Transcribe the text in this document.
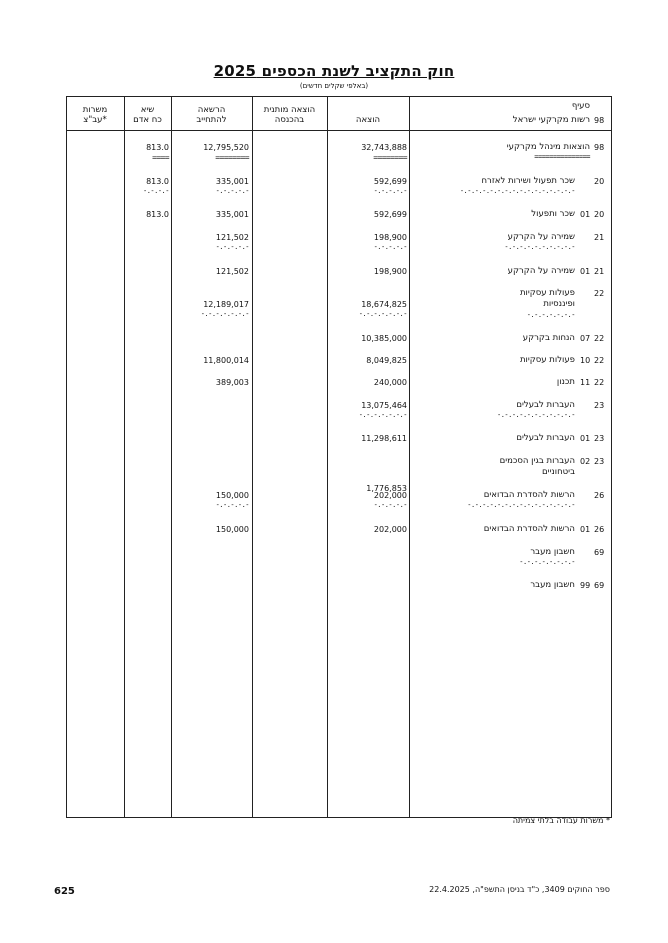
חוק התקציב לשנת הכספים 2025
(באלפי שקלים חדשים)
משרות
עב"צ*
שיא
כח אדם
הרשאה
להתחייב
הוצאה מותנית
בהכנסה	הוצאה
סעיף
רשות מקרקעי ישראל 98
98
הוצאות מינהל מקרקעי
===============
32,743,888
12,795,520
813.0
========
========
====
20
שכר תפעול ושירות לאזרח
-.-.-.-.-.-.-.-.-.-.-.-.-.-.-.-
592,699
335,001
813.0
-.-.-.-.-
-.-.-.-.-
-.-.-.-
20
01
שכר ותפעול
592,699
335,001
813.0
21
שמירה על הקרקע
-.-.-.-.-.-.-.-.-.-
198,900
121,502
-.-.-.-.-
-.-.-.-.-
21
01
שמירה על הקרקע
198,900
121,502
22
פעולות עסקיות
ופיננסיות
-.-.-.-.-.-.-
18,674,825
12,189,017
-.-.-.-.-.-.-
-.-.-.-.-.-.-
22
07
הנחות בקרקע
10,385,000
22
10
פעולות עסקיות
8,049,825
11,800,014
22
11
תכנון
240,000
389,003
23
העברות לבעלים
-.-.-.-.-.-.-.-.-.-.-
13,075,464
-.-.-.-.-.-.-
23
01
העברות לבעלים
11,298,611
23
02
העברות בגין הסכמים
ביטחוניים
1,776,853
26
הרשות להסדרת הבדואים
-.-.-.-.-.-.-.-.-.-.-.-.-.-.-
202,000
150,000
-.-.-.-.-
-.-.-.-.-
26
01
הרשות להסדרת הבדואים
202,000
150,000
69
חשבון מעבר
-.-.-.-.-.-.-.-
69
99
חשבון מעבר
* משרות עבודה בלתי צמיתה
625	ספר החוקים 3409, כ"ד בניסן התשפ"ה, 22.4.2025
